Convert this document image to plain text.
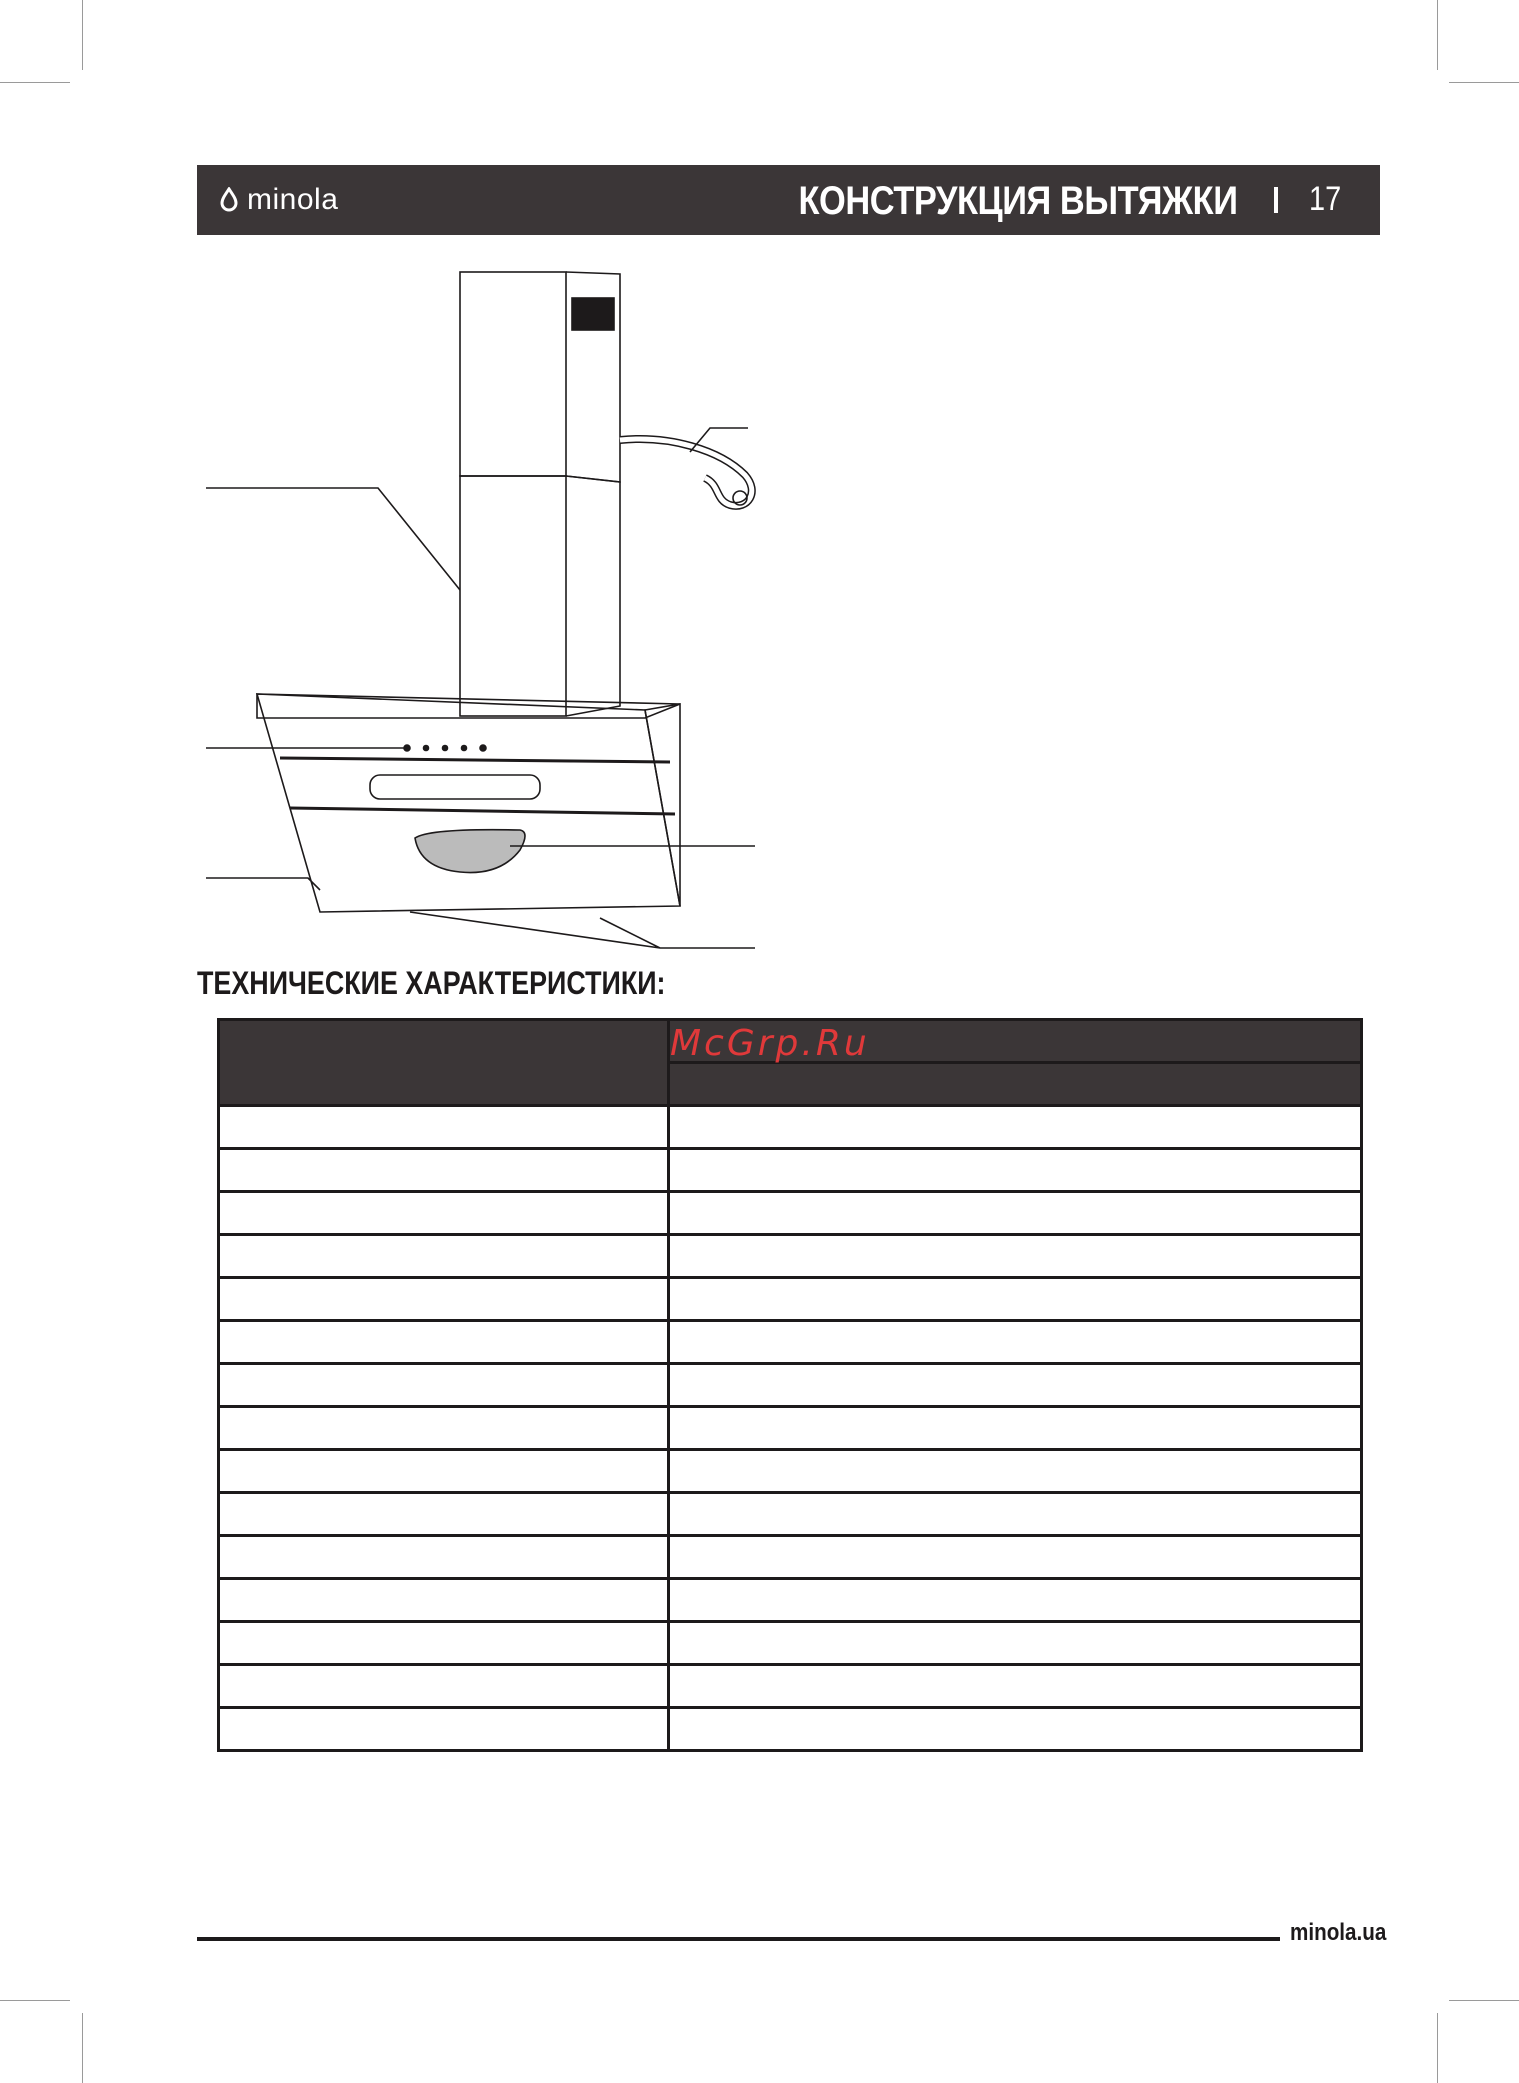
minola	КОНСТРУКЦИЯ ВЫТЯЖКИ 17
ТЕХНИЧЕСКИЕ ХАРАКТЕРИСТИКИ:

	McGrp.Ru

minola.ua
